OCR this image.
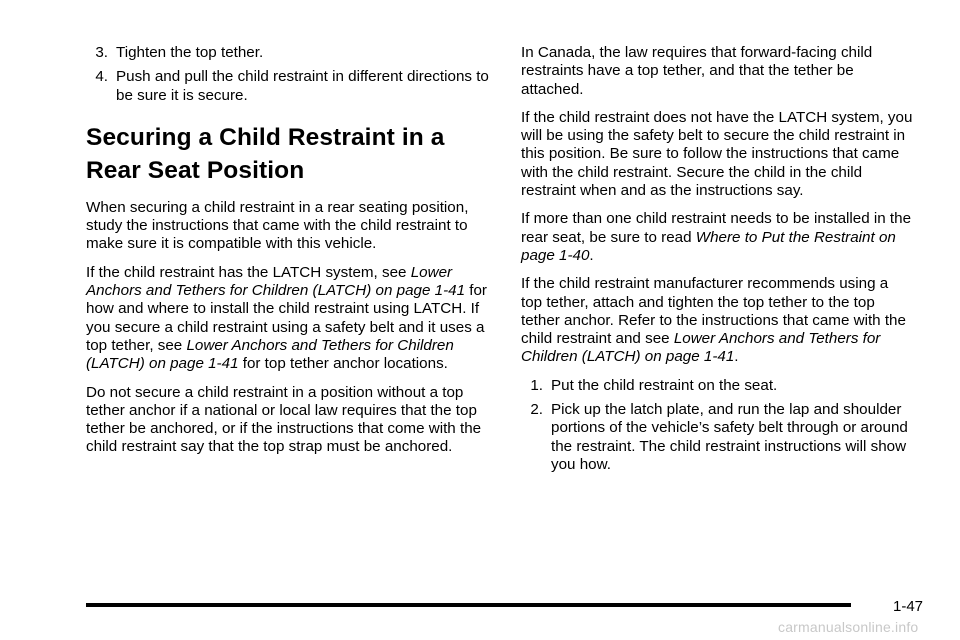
3. Tighten the top tether.
4. Push and pull the child restraint in different directions to be sure it is secure.
Securing a Child Restraint in a Rear Seat Position

When securing a child restraint in a rear seating position, study the instructions that came with the child restraint to make sure it is compatible with this vehicle.

If the child restraint has the LATCH system, see Lower Anchors and Tethers for Children (LATCH) on page 1-41 for how and where to install the child restraint using LATCH. If you secure a child restraint using a safety belt and it uses a top tether, see Lower Anchors and Tethers for Children (LATCH) on page 1-41 for top tether anchor locations.

Do not secure a child restraint in a position without a top tether anchor if a national or local law requires that the top tether be anchored, or if the instructions that come with the child restraint say that the top strap must be anchored.

In Canada, the law requires that forward-facing child restraints have a top tether, and that the tether be attached.

If the child restraint does not have the LATCH system, you will be using the safety belt to secure the child restraint in this position. Be sure to follow the instructions that came with the child restraint. Secure the child in the child restraint when and as the instructions say.

If more than one child restraint needs to be installed in the rear seat, be sure to read Where to Put the Restraint on page 1-40.

If the child restraint manufacturer recommends using a top tether, attach and tighten the top tether to the top tether anchor. Refer to the instructions that came with the child restraint and see Lower Anchors and Tethers for Children (LATCH) on page 1-41.

1. Put the child restraint on the seat.
2. Pick up the latch plate, and run the lap and shoulder portions of the vehicle’s safety belt through or around the restraint. The child restraint instructions will show you how.
1-47
carmanualsonline.info
